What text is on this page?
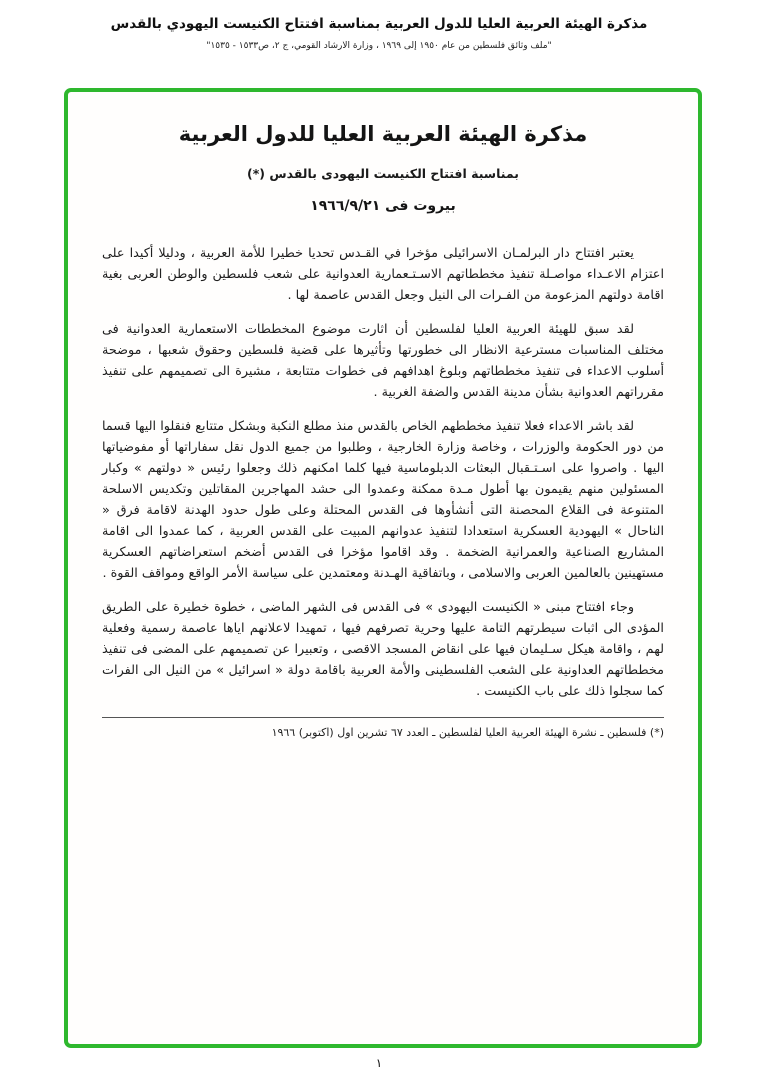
مذكرة الهيئة العربية العليا للدول العربية بمناسبة افتتاح الكنيست اليهودي بالقدس
"ملف وثائق فلسطين من عام ١٩٥٠ إلى ١٩٦٩ ، وزارة الارشاد القومي، ج ٢، ص١٥٣٣ - ١٥٣٥"
مذكرة الهيئة العربية العليا للدول العربية
بمناسبة افتتاح الكنيست اليهودى بالقدس (*)
بيروت فى ١٩٦٦/٩/٢١

يعتبر افتتاح دار البرلمـان الاسرائيلى مؤخرا في القـدس تحديا خطيرا للأمة العربية ، ودليلا أكيدا على اعتزام الاعـداء مواصـلة تنفيذ مخططاتهم الاسـتـعمارية العدوانية على شعب فلسطين والوطن العربى بغية اقامة دولتهم المزعومة من الفـرات الى النيل وجعل القدس عاصمة لها .

لقد سبق للهيئة العربية العليا لفلسطين أن اثارت موضوع المخططات الاستعمارية العدوانية فى مختلف المناسبات مسترعية الانظار الى خطورتها وتأثيرها على قضية فلسطين وحقوق شعبها ، موضحة أسلوب الاعداء فى تنفيذ مخططاتهم وبلوغ اهدافهم فى خطوات متتابعة ، مشيرة الى تصميمهم على تنفيذ مقرراتهم العدوانية بشأن مدينة القدس والضفة الغربية .

لقد باشر الاعداء فعلا تنفيذ مخططهم الخاص بالقدس منذ مطلع النكبة وبشكل متتابع فنقلوا اليها قسما من دور الحكومة والوزرات ، وخاصة وزارة الخارجية ، وطلبوا من جميع الدول نقل سفاراتها أو مفوضياتها اليها . واصروا على اسـتـقبال البعثات الدبلوماسية فيها كلما امكنهم ذلك وجعلوا رئيس « دولتهم » وكبار المسئولين منهم يقيمون بها أطول مـدة ممكنة وعمدوا الى حشد المهاجرين المقاتلين وتكديس الاسلحة المتنوعة فى القلاع المحصنة التى أنشأوها فى القدس المحتلة وعلى طول حدود الهدنة لاقامة فرق « الناحال » اليهودية العسكرية استعدادا لتنفيذ عدوانهم المبيت على القدس العربية ، كما عمدوا الى اقامة المشاريع الصناعية والعمرانية الضخمة . وقد اقاموا مؤخرا فى القدس أضخم استعراضاتهم العسكرية مستهينين بالعالمين العربى والاسلامى ، وباتفاقية الهـدنة ومعتمدين على سياسة الأمر الواقع ومواقف القوة .

وجاء افتتاح مبنى « الكنيست اليهودى » فى القدس فى الشهر الماضى ، خطوة خطيرة على الطريق المؤدى الى اثبات سيطرتهم التامة عليها وحرية تصرفهم فيها ، تمهيدا لاعلانهم اياها عاصمة رسمية وفعلية لهم ، واقامة هيكل سـليمان فيها على انقاض المسجد الاقصى ، وتعبيرا عن تصميمهم على المضى فى تنفيذ مخططاتهم العداونية على الشعب الفلسطينى والأمة العربية باقامة دولة « اسرائيل » من النيل الى الفرات كما سجلوا ذلك على باب الكنيست .

(*) فلسطين ـ نشرة الهيئة العربية العليا لفلسطين ـ العدد ٦٧ تشرين اول (اكتوبر) ١٩٦٦
١
